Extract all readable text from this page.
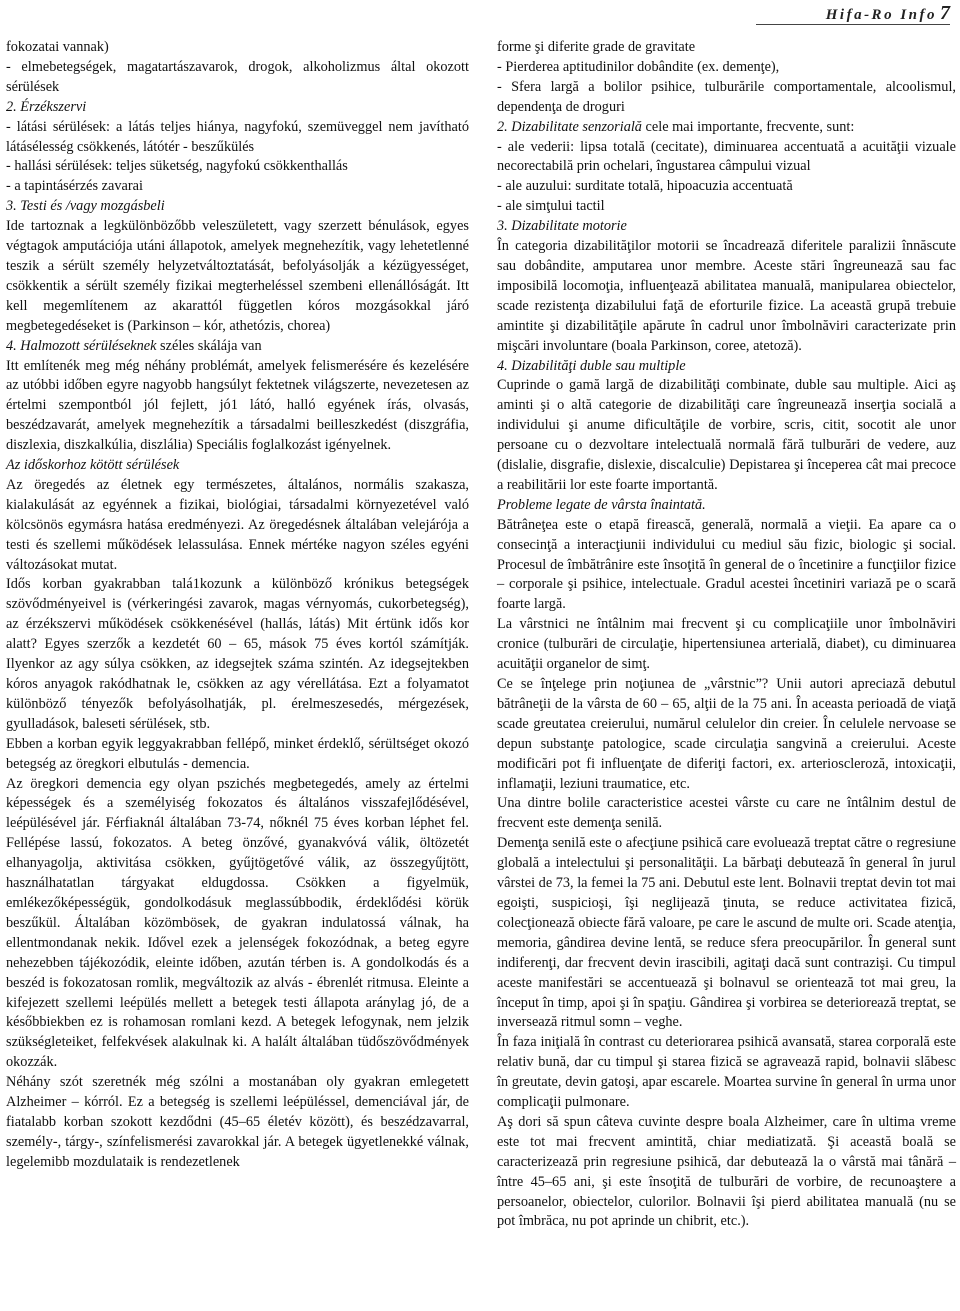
Hifa-Ro Info 7

fokozatai vannak)

- elmebetegségek, magatartászavarok, drogok, alkoholizmus által okozott sérülések

2. Érzékszervi

- látási sérülések: a látás teljes hiánya, nagyfokú, szemüveggel nem javítható látásélesség csökkenés, látótér - beszűkülés

- hallási sérülések: teljes süketség, nagyfokú csökkenthallás

- a tapintásérzés zavarai

3. Testi és /vagy mozgásbeli

Ide tartoznak a legkülönbözőbb veleszületett, vagy szerzett bénulások, egyes végtagok amputációja utáni állapotok, amelyek megnehezítik, vagy lehetetlenné teszik a sérült személy helyzetváltoztatását, befolyásolják a kézügyességet, csökkentik a sérült személy fizikai megterheléssel szembeni ellenállóságát. Itt kell megemlítenem az akarattól független kóros mozgásokkal járó megbetegedéseket is (Parkinson – kór, athetózis, chorea)

4. Halmozott sérüléseknek széles skálája van

Itt említenék meg még néhány problémát, amelyek felismerésére és kezelésére az utóbbi időben egyre nagyobb hangsúlyt fektetnek világszerte, nevezetesen az értelmi szempontból jól fejlett, jó1 látó, halló egyének írás, olvasás, beszédzavarát, amelyek megnehezítik a társadalmi beilleszkedést (diszgráfia, diszlexia, diszkalkúlia, diszlália) Speciális foglalkozást igényelnek.

Az időskorhoz kötött sérülések

Az öregedés az életnek egy természetes, általános, normális szakasza, kialakulását az egyénnek a fizikai, biológiai, társadalmi környezetével való kölcsönös egymásra hatása eredményezi. Az öregedésnek általában velejárója a testi és szellemi működések lelassulása. Ennek mértéke nagyon széles egyéni változásokat mutat.

Idős korban gyakrabban talá1kozunk a különböző krónikus betegségek szövődményeivel is (vérkeringési zavarok, magas vérnyomás, cukorbetegség), az érzékszervi működések csökkenésével (hallás, látás) Mit értünk idős kor alatt? Egyes szerzők a kezdetét 60 – 65, mások 75 éves kortól számítják. Ilyenkor az agy súlya csökken, az idegsejtek száma szintén. Az idegsejtekben kóros anyagok rakódhatnak le, csökken az agy vérellátása. Ezt a folyamatot különböző tényezők befolyásolhatják, pl. érelmeszesedés, mérgezések, gyulladások, baleseti sérülések, stb.

Ebben a korban egyik leggyakrabban fellépő, minket érdeklő, sérültséget okozó betegség az öregkori elbutulás - demencia.

Az öregkori demencia egy olyan pszichés megbetegedés, amely az értelmi képességek és a személyiség fokozatos és általános visszafejlődésével, leépülésével jár. Férfiaknál általában 73-74, nőknél 75 éves korban léphet fel. Fellépése lassú, fokozatos. A beteg önzővé, gyanakvóvá válik, öltözetét elhanyagolja, aktivitása csökken, gyűjtögetővé válik, az összegyűjtött, használhatatlan tárgyakat eldugdossa. Csökken a figyelmük, emlékezőképességük, gondolkodásuk meglassúbbodik, érdeklődési körük beszűkül. Általában közömbösek, de gyakran indulatossá válnak, ha ellentmondanak nekik. Idővel ezek a jelenségek fokozódnak, a beteg egyre nehezebben tájékozódik, eleinte időben, azután térben is. A gondolkodás és a beszéd is fokozatosan romlik, megváltozik az alvás - ébrenlét ritmusa. Eleinte a kifejezett szellemi leépülés mellett a betegek testi állapota aránylag jó, de a későbbiekben ez is rohamosan romlani kezd. A betegek lefogynak, nem jelzik szükségleteiket, felfekvések alakulnak ki. A halált általában tüdőszövődmények okozzák.

Néhány szót szeretnék még szólni a mostanában oly gyakran emlegetett Alzheimer – kórról. Ez a betegség is szellemi leépüléssel, demenciával jár, de fiatalabb korban szokott kezdődni (45–65 életév között), és beszédzavarral, személy-, tárgy-, színfelismerési zavarokkal jár. A betegek ügyetlenekké válnak, legelemibb mozdulataik is rendezetlenek

forme şi diferite grade de gravitate

- Pierderea aptitudinilor dobândite (ex. demenţe),

- Sfera largă a bolilor psihice, tulburările comportamentale, alcoolismul, dependenţa de droguri

2. Dizabilitate senzorială cele mai importante, frecvente, sunt:

- ale vederii: lipsa totală (cecitate), diminuarea accentuată a acuităţii vizuale necorectabilă prin ochelari, îngustarea câmpului vizual

- ale auzului: surditate totală, hipoacuzia accentuată

- ale simţului tactil

3. Dizabilitate motorie

În categoria dizabilităţilor motorii se încadrează diferitele paralizii înnăscute sau dobândite, amputarea unor membre. Aceste stări îngreunează sau fac imposibilă locomoţia, influenţează abilitatea manuală, manipularea obiectelor, scade rezistenţa dizabilului faţă de eforturile fizice. La această grupă trebuie amintite şi dizabilităţile apărute în cadrul unor îmbolnăviri caracterizate prin mişcări involuntare (boala Parkinson, coree, atetoză).

4. Dizabilităţi duble sau multiple

Cuprinde o gamă largă de dizabilităţi combinate, duble sau multiple. Aici aş aminti şi o altă categorie de dizabilităţi care îngreunează inserţia socială a individului şi anume dificultăţile de vorbire, scris, citit, socotit ale unor persoane cu o dezvoltare intelectuală normală fără tulburări de vedere, auz (dislalie, disgrafie, dislexie, discalculie) Depistarea şi începerea cât mai precoce a reabilitării lor este foarte importantă.

Probleme legate de vârsta înaintată.

Bătrâneţea este o etapă firească, generală, normală a vieţii. Ea apare ca o consecinţă a interacţiunii individului cu mediul său fizic, biologic şi social. Procesul de îmbătrânire este însoţită în general de o încetinire a funcţiilor fizice – corporale şi psihice, intelectuale. Gradul acestei încetiniri variază pe o scară foarte largă.

La vârstnici ne întâlnim mai frecvent şi cu complicaţiile unor îmbolnăviri cronice (tulburări de circulaţie, hipertensiunea arterială, diabet), cu diminuarea acuităţii organelor de simţ.

Ce se înţelege prin noţiunea de „vârstnic”? Unii autori apreciază debutul bătrâneţii de la vârsta de 60 – 65, alţii de la 75 ani. În aceasta perioadă de viaţă scade greutatea creierului, numărul celulelor din creier. În celulele nervoase se depun substanţe patologice, scade circulaţia sangvină a creierului. Aceste modificări pot fi influenţate de diferiţi factori, ex. arterioscleroză, intoxicaţii, inflamaţii, leziuni traumatice, etc.

Una dintre bolile caracteristice acestei vârste cu care ne întâlnim destul de frecvent este demenţa senilă.

Demenţa senilă este o afecţiune psihică care evoluează treptat către o regresiune globală a intelectului şi personalităţii. La bărbaţi debutează în general în jurul vârstei de 73, la femei la 75 ani. Debutul este lent. Bolnavii treptat devin tot mai egoişti, suspicioşi, îşi neglijează ţinuta, se reduce activitatea fizică, colecţionează obiecte fără valoare, pe care le ascund de multe ori. Scade atenţia, memoria, gândirea devine lentă, se reduce sfera preocupărilor. În general sunt indiferenţi, dar frecvent devin irascibili, agitaţi dacă sunt contrazişi. Cu timpul aceste manifestări se accentuează şi bolnavul se orientează tot mai greu, la început în timp, apoi şi în spaţiu. Gândirea şi vorbirea se deteriorează treptat, se inversează ritmul somn – veghe.

În faza iniţială în contrast cu deteriorarea psihică avansată, starea corporală este relativ bună, dar cu timpul şi starea fizică se agravează rapid, bolnavii slăbesc în greutate, devin gatoşi, apar escarele. Moartea survine în general în urma unor complicaţii pulmonare.

Aş dori să spun câteva cuvinte despre boala Alzheimer, care în ultima vreme este tot mai frecvent amintită, chiar mediatizată. Şi această boală se caracterizează prin regresiune psihică, dar debutează la o vârstă mai tânără – între 45–65 ani, şi este însoţită de tulburări de vorbire, de recunoaştere a persoanelor, obiectelor, culorilor. Bolnavii îşi pierd abilitatea manuală (nu se pot îmbrăca, nu pot aprinde un chibrit, etc.).
